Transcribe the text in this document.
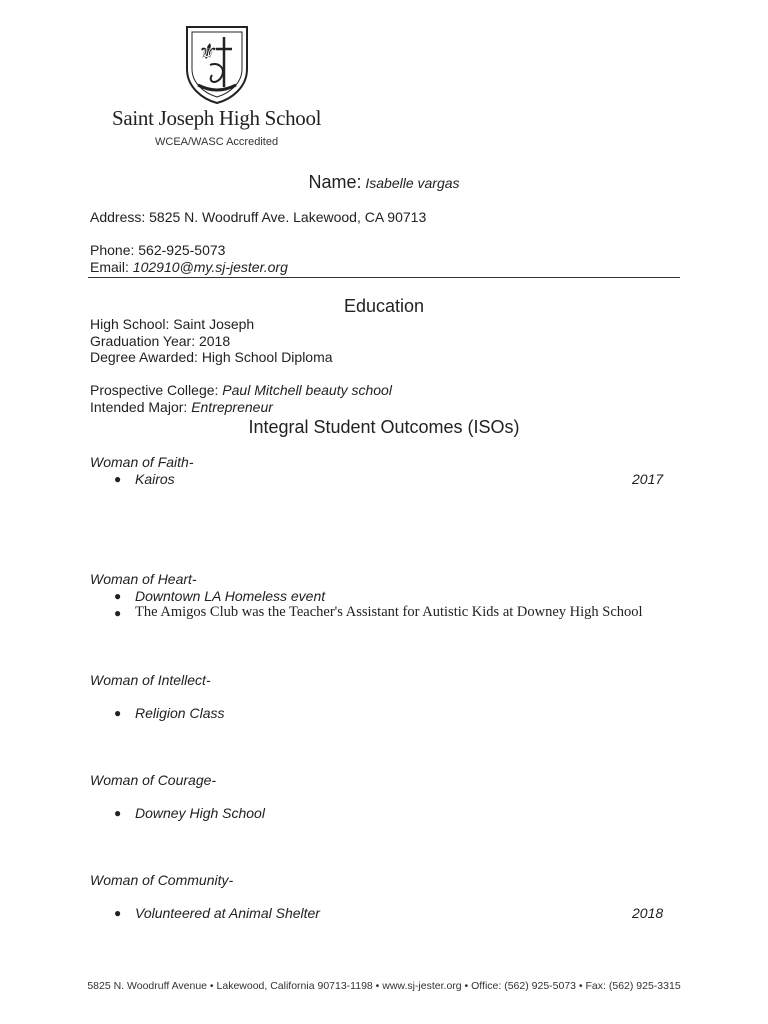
⚜
Saint Joseph High School
WCEA/WASC Accredited
Name: Isabelle vargas
Address: 5825 N. Woodruff Ave. Lakewood, CA 90713
Phone: 562-925-5073
Email: 102910@my.sj-jester.org
Education
High School: Saint Joseph
Graduation Year: 2018
Degree Awarded: High School Diploma
Prospective College: Paul Mitchell beauty school
Intended Major: Entrepreneur
Integral Student Outcomes (ISOs)
Woman of Faith-
● Kairos	2017
Woman of Heart-
● Downtown LA Homeless event
● The Amigos Club was the Teacher's Assistant for Autistic Kids at Downey High School
Woman of Intellect-
● Religion Class
Woman of Courage-
● Downey High School
Woman of Community-
● Volunteered at Animal Shelter	2018
5825 N. Woodruff Avenue • Lakewood, California 90713-1198 • www.sj-jester.org • Office: (562) 925-5073 • Fax: (562) 925-3315
